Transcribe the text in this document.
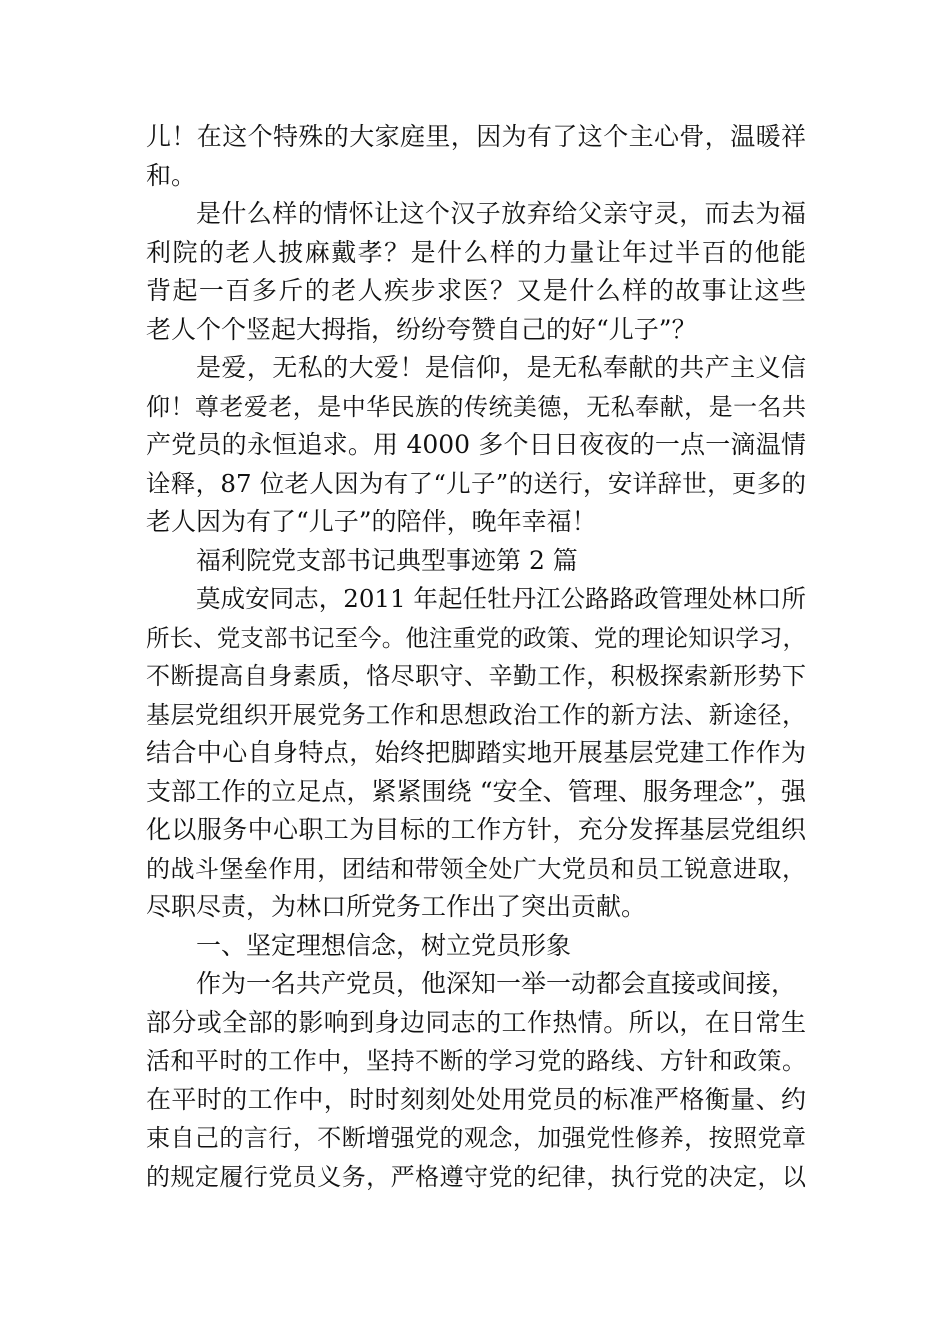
儿！在这个特殊的大家庭里，因为有了这个主心骨，温暖祥
和。
是什么样的情怀让这个汉子放弃给父亲守灵，而去为福
利院的老人披麻戴孝？是什么样的力量让年过半百的他能
背起一百多斤的老人疾步求医？又是什么样的故事让这些
老人个个竖起大拇指，纷纷夸赞自己的好“儿子”？
是爱，无私的大爱！是信仰，是无私奉献的共产主义信
仰！尊老爱老，是中华民族的传统美德，无私奉献，是一名共
产党员的永恒追求。用 4000 多个日日夜夜的一点一滴温情
诠释，87 位老人因为有了“儿子”的送行，安详辞世，更多的
老人因为有了“儿子”的陪伴，晚年幸福！
福利院党支部书记典型事迹第 2 篇
莫成安同志，2011 年起任牡丹江公路路政管理处林口所
所长、党支部书记至今。他注重党的政策、党的理论知识学习，
不断提高自身素质，恪尽职守、辛勤工作，积极探索新形势下
基层党组织开展党务工作和思想政治工作的新方法、新途径，
结合中心自身特点，始终把脚踏实地开展基层党建工作作为
支部工作的立足点，紧紧围绕 “安全、管理、服务理念”，强
化以服务中心职工为目标的工作方针，充分发挥基层党组织
的战斗堡垒作用，团结和带领全处广大党员和员工锐意进取，
尽职尽责，为林口所党务工作出了突出贡献。
一、坚定理想信念，树立党员形象
作为一名共产党员，他深知一举一动都会直接或间接，
部分或全部的影响到身边同志的工作热情。所以，在日常生
活和平时的工作中，坚持不断的学习党的路线、方针和政策。
在平时的工作中，时时刻刻处处用党员的标准严格衡量、约
束自己的言行，不断增强党的观念，加强党性修养，按照党章
的规定履行党员义务，严格遵守党的纪律，执行党的决定，以
